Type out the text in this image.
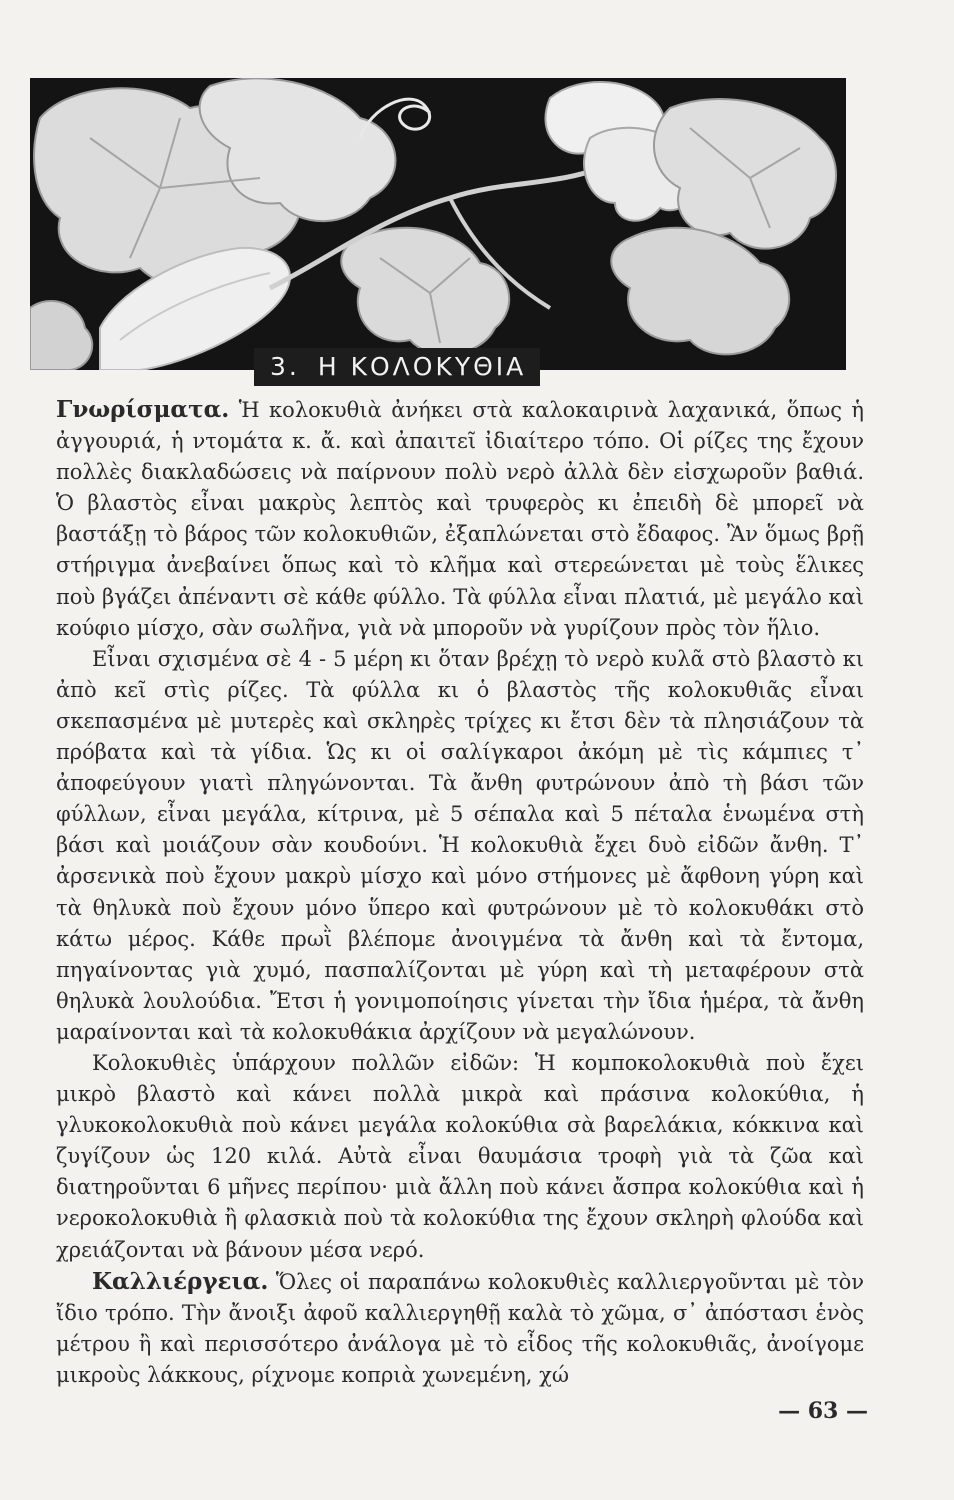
3. Η ΚΟΛΟΚΥΘΙΑ

Γνωρίσματα. Ἡ κολοκυθιὰ ἀνήκει στὰ καλοκαιρινὰ λαχανικά, ὅπως ἡ ἀγγουριά, ἡ ντομάτα κ. ἄ. καὶ ἀπαιτεῖ ἰδιαίτερο τόπο. Οἱ ρίζες της ἔχουν πολλὲς διακλαδώσεις νὰ παίρνουν πολὺ νερὸ ἀλλὰ δὲν εἰσχωροῦν βαθιά. Ὁ βλαστὸς εἶναι μακρὺς λεπτὸς καὶ τρυφερὸς κι ἐπειδὴ δὲ μπορεῖ νὰ βαστάξῃ τὸ βάρος τῶν κολοκυθιῶν, ἐξαπλώνεται στὸ ἔδαφος. Ἂν ὅμως βρῇ στήριγμα ἀνεβαίνει ὅπως καὶ τὸ κλῆμα καὶ στερεώνεται μὲ τοὺς ἕλικες ποὺ βγάζει ἀπέναντι σὲ κάθε φύλλο. Τὰ φύλλα εἶναι πλατιά, μὲ μεγάλο καὶ κούφιο μίσχο, σὰν σωλῆνα, γιὰ νὰ μποροῦν νὰ γυρίζουν πρὸς τὸν ἥλιο.

Εἶναι σχισμένα σὲ 4 - 5 μέρη κι ὅταν βρέχῃ τὸ νερὸ κυλᾶ στὸ βλαστὸ κι ἀπὸ κεῖ στὶς ρίζες. Τὰ φύλλα κι ὁ βλαστὸς τῆς κολοκυθιᾶς εἶναι σκεπασμένα μὲ μυτερὲς καὶ σκληρὲς τρίχες κι ἔτσι δὲν τὰ πλησιάζουν τὰ πρόβατα καὶ τὰ γίδια. Ὡς κι οἱ σαλίγκαροι ἀκόμη μὲ τὶς κάμπιες τ᾿ ἀποφεύγουν γιατὶ πληγώνονται. Τὰ ἄνθη φυτρώνουν ἀπὸ τὴ βάσι τῶν φύλλων, εἶναι μεγάλα, κίτρινα, μὲ 5 σέπαλα καὶ 5 πέταλα ἑνωμένα στὴ βάσι καὶ μοιάζουν σὰν κουδούνι. Ἡ κολοκυθιὰ ἔχει δυὸ εἰδῶν ἄνθη. Τ᾿ ἀρσενικὰ ποὺ ἔχουν μακρὺ μίσχο καὶ μόνο στήμονες μὲ ἄφθονη γύρη καὶ τὰ θηλυκὰ ποὺ ἔχουν μόνο ὕπερο καὶ φυτρώνουν μὲ τὸ κολοκυθάκι στὸ κάτω μέρος. Κάθε πρωῒ βλέπομε ἀνοιγμένα τὰ ἄνθη καὶ τὰ ἔντομα, πηγαίνοντας γιὰ χυμό, πασπαλίζονται μὲ γύρη καὶ τὴ μεταφέρουν στὰ θηλυκὰ λουλούδια. Ἔτσι ἡ γονιμοποίησις γίνεται τὴν ἴδια ἡμέρα, τὰ ἄνθη μαραίνονται καὶ τὰ κολοκυθάκια ἀρχίζουν νὰ μεγαλώνουν.

Κολοκυθιὲς ὑπάρχουν πολλῶν εἰδῶν: Ἡ κομποκολοκυθιὰ ποὺ ἔχει μικρὸ βλαστὸ καὶ κάνει πολλὰ μικρὰ καὶ πράσινα κολοκύθια, ἡ γλυκοκολοκυθιὰ ποὺ κάνει μεγάλα κολοκύθια σὰ βαρελάκια, κόκκινα καὶ ζυγίζουν ὡς 120 κιλά. Αὐτὰ εἶναι θαυμάσια τροφὴ γιὰ τὰ ζῶα καὶ διατηροῦνται 6 μῆνες περίπου· μιὰ ἄλλη ποὺ κάνει ἄσπρα κολοκύθια καὶ ἡ νεροκολοκυθιὰ ἢ φλασκιὰ ποὺ τὰ κολοκύθια της ἔχουν σκληρὴ φλούδα καὶ χρειάζονται νὰ βάνουν μέσα νερό.

Καλλιέργεια. Ὅλες οἱ παραπάνω κολοκυθιὲς καλλιεργοῦνται μὲ τὸν ἴδιο τρόπο. Τὴν ἄνοιξι ἀφοῦ καλλιεργηθῇ καλὰ τὸ χῶμα, σ᾿ ἀπόστασι ἑνὸς μέτρου ἢ καὶ περισσότερο ἀνάλογα μὲ τὸ εἶδος τῆς κολοκυθιᾶς, ἀνοίγομε μικροὺς λάκκους, ρίχνομε κοπριὰ χωνεμένη, χώ

— 63 —
